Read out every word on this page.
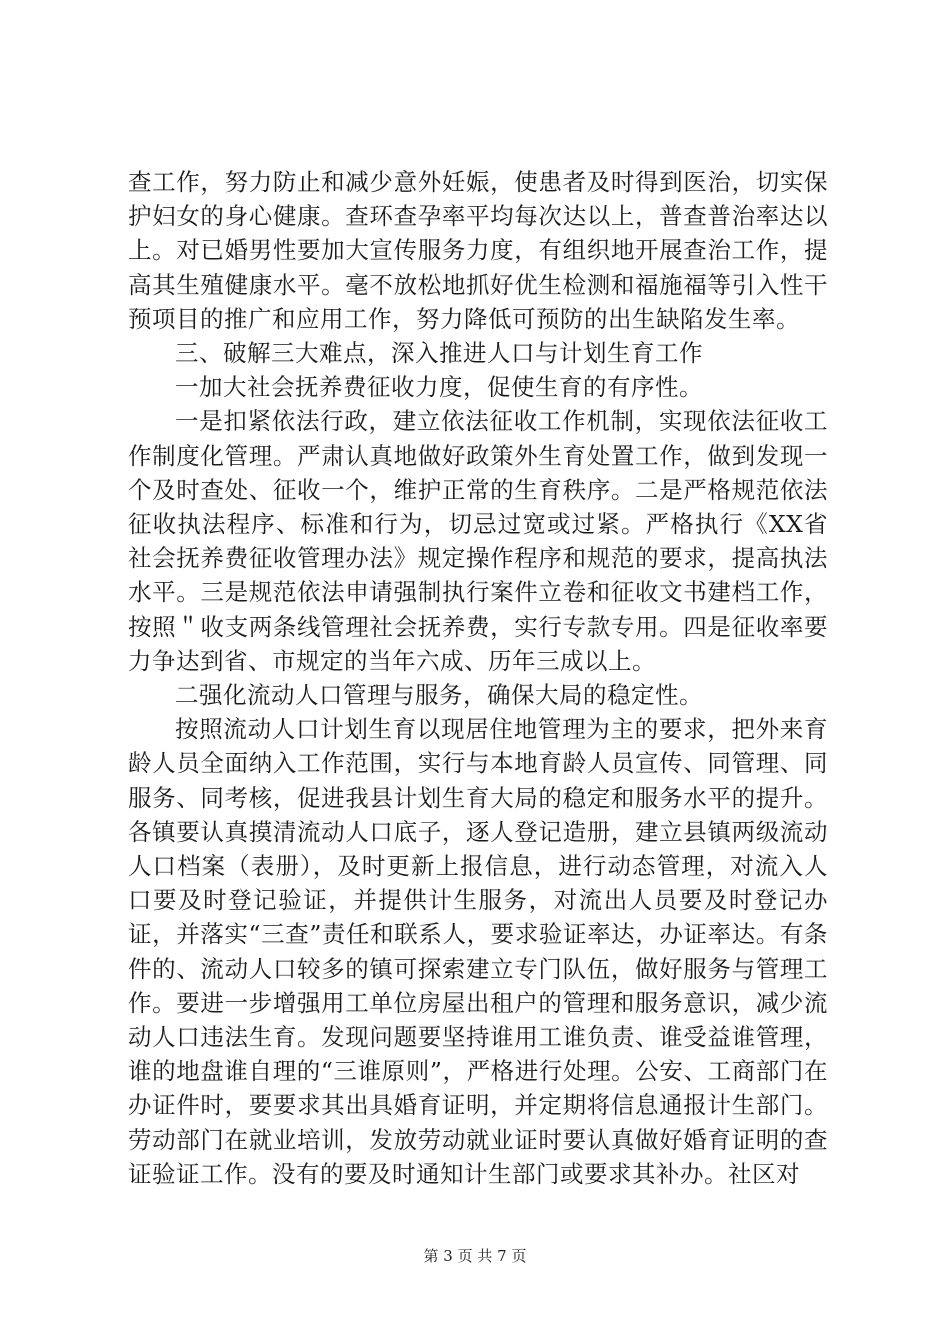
查工作，努力防止和减少意外妊娠，使患者及时得到医治，切实保护妇女的身心健康。查环查孕率平均每次达以上，普查普治率达以上。对已婚男性要加大宣传服务力度，有组织地开展查治工作，提高其生殖健康水平。毫不放松地抓好优生检测和福施福等引入性干预项目的推广和应用工作，努力降低可预防的出生缺陷发生率。

三、破解三大难点，深入推进人口与计划生育工作

一加大社会抚养费征收力度，促使生育的有序性。

一是扣紧依法行政，建立依法征收工作机制，实现依法征收工作制度化管理。严肃认真地做好政策外生育处置工作，做到发现一个及时查处、征收一个，维护正常的生育秩序。二是严格规范依法征收执法程序、标准和行为，切忌过宽或过紧。严格执行《XX省社会抚养费征收管理办法》规定操作程序和规范的要求，提高执法水平。三是规范依法申请强制执行案件立卷和征收文书建档工作，按照＂收支两条线管理社会抚养费，实行专款专用。四是征收率要力争达到省、市规定的当年六成、历年三成以上。

二强化流动人口管理与服务，确保大局的稳定性。

按照流动人口计划生育以现居住地管理为主的要求，把外来育龄人员全面纳入工作范围，实行与本地育龄人员宣传、同管理、同服务、同考核，促进我县计划生育大局的稳定和服务水平的提升。各镇要认真摸清流动人口底子，逐人登记造册，建立县镇两级流动人口档案（表册），及时更新上报信息，进行动态管理，对流入人口要及时登记验证，并提供计生服务，对流出人员要及时登记办证，并落实“三查”责任和联系人，要求验证率达，办证率达。有条件的、流动人口较多的镇可探索建立专门队伍，做好服务与管理工作。要进一步增强用工单位房屋出租户的管理和服务意识，减少流动人口违法生育。发现问题要坚持谁用工谁负责、谁受益谁管理，谁的地盘谁自理的“三谁原则”，严格进行处理。公安、工商部门在办证件时，要要求其出具婚育证明，并定期将信息通报计生部门。劳动部门在就业培训，发放劳动就业证时要认真做好婚育证明的查证验证工作。没有的要及时通知计生部门或要求其补办。社区对

第 3 页 共 7 页
